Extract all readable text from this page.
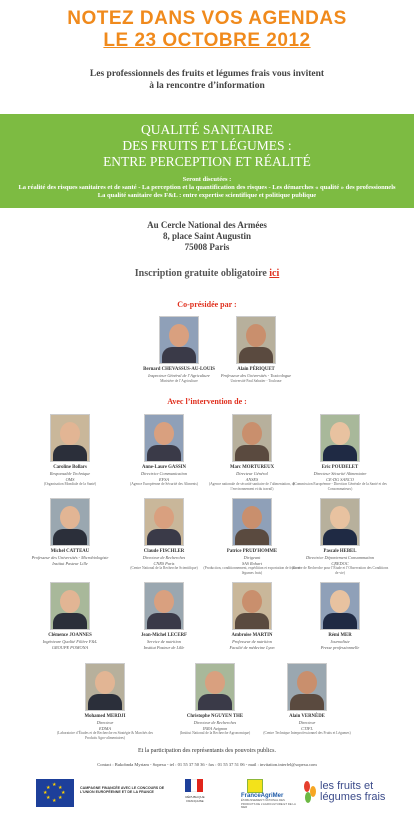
NOTEZ DANS VOS AGENDAS
LE 23 OCTOBRE 2012
Les professionnels des fruits et légumes frais vous invitent
à la rencontre d’information
QUALITÉ SANITAIRE
DES FRUITS ET LÉGUMES :
ENTRE PERCEPTION ET RÉALITÉ
Seront discutées :
La réalité des risques sanitaires et de santé - La perception et la quantification des risques - Les démarches « qualité » des professionnels
La qualité sanitaire des F&L : entre expertise scientifique et politique publique
Au Cercle National des Armées
8, place Saint Augustin
75008 Paris
Inscription gratuite obligatoire ici
Co-présidée par :
Avec l’intervention de :
Bernard CHEVASSUS-AU-LOUIS
Inspecteur Général de l’Agriculture
Ministère de l’Agriculture
Alain PÉRIQUET
Professeur des Universités - Toxicologue
Université Paul Sabatier - Toulouse
Caroline Bollars
Responsable Technique
OMS
(Organisation Mondiale de la Santé)
Anne-Laure GASSIN
Directrice Communication
EFSA
(Agence Européenne de Sécurité des Aliments)
Marc MORTUREUX
Directeur Général
ANSES
(Agence nationale de sécurité sanitaire de l’alimentation, de l’environnement et du travail)
Eric POUDELET
Directeur Sécurité Alimentaire
CE-DG SANCO
(Commission Européenne - Direction Générale de la Santé et des Consommateurs)
Michel CATTEAU
Professeur des Universités - Microbiologiste
Institut Pasteur Lille
Claude FISCHLER
Directeur de Recherches
CNRS Paris
(Centre National de la Recherche Scientifique)
Patrice PRUD'HOMME
Dirigeant
SAS Rohart
(Production, conditionnement, expédition et exportation de fruits et légumes frais)
Pascale HEBEL
Directrice Département Consommation
CREDOC
(Centre de Recherche pour l’Étude et l’Observation des Conditions de vie)
Clémence JOANNES
Ingénieure Qualité Filière F&L
GROUPE POMONA
Jean-Michel LECERF
Service de nutrition
Institut Pasteur de Lille
Ambroise MARTIN
Professeur de nutrition
Faculté de médecine Lyon
Rémi MER
Journaliste
Presse professionnelle
Mohamed MERDJI
Directeur
EDMA
(Laboratoire d’Études et de Recherche en Stratégie & Marchés des Produits Agro-alimentaires)
Christophe NGUYEN THE
Directeur de Recherches
INRA Avignon
(Institut National de la Recherche Agronomique)
Alain VERNÈDE
Directeur
CTIFL
(Centre Technique Interprofessionnel des Fruits et Légumes)
Et la participation des représentants des pouvoirs publics.
Contact : Bukobnda Myriam - Sopexa - tel : 01 55 37 50 36 - fax : 01 55 37 51 06 - mail : invitation.interfel@sopexa.com
★ ★
★
★
★
★
★
★	CAMPAGNE FINANCÉE AVEC LE CONCOURS DE L’UNION EUROPÉENNE ET DE LA FRANCE
RÉPUBLIQUE FRANÇAISE
FranceAgriMer
ÉTABLISSEMENT NATIONAL DES PRODUITS DE L’AGRICULTURE ET DE LA MER
les fruits et
légumes frais
